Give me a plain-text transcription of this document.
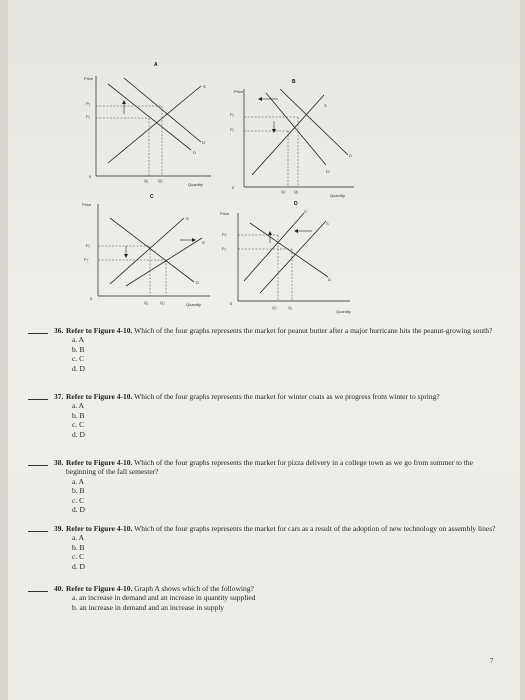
A
Price
Quantity
0
S
D
D'
P₂
P₁
Q₁ Q₂'
B
Price
Quantity
0
S
D'
D
P₂
P₁
Q₂' Q₁
C
Price
Quantity
0
S
S'
D
P₁
P₂'
Q₁	Q₂'
D
Price
Quantity
0
S'
S
D
P₂'
P₁
Q₂'	Q₁
36. Refer to Figure 4-10. Which of the four graphs represents the market for peanut butter after a major hurricane hits the peanut-growing south?
a. A
b. B
c. C
d. D
37. Refer to Figure 4-10. Which of the four graphs represents the market for winter coats as we progress from winter to spring?
a. A
b. B
c. C
d. D
38. Refer to Figure 4-10. Which of the four graphs represents the market for pizza delivery in a college town as we go from summer to the beginning of the fall semester?
a. A
b. B
c. C
d. D
39. Refer to Figure 4-10. Which of the four graphs represents the market for cars as a result of the adoption of new technology on assembly lines?
a. A
b. B
c. C
d. D
40. Refer to Figure 4-10. Graph A shows which of the following?
a. an increase in demand and an increase in quantity supplied
b. an increase in demand and an increase in supply
7
